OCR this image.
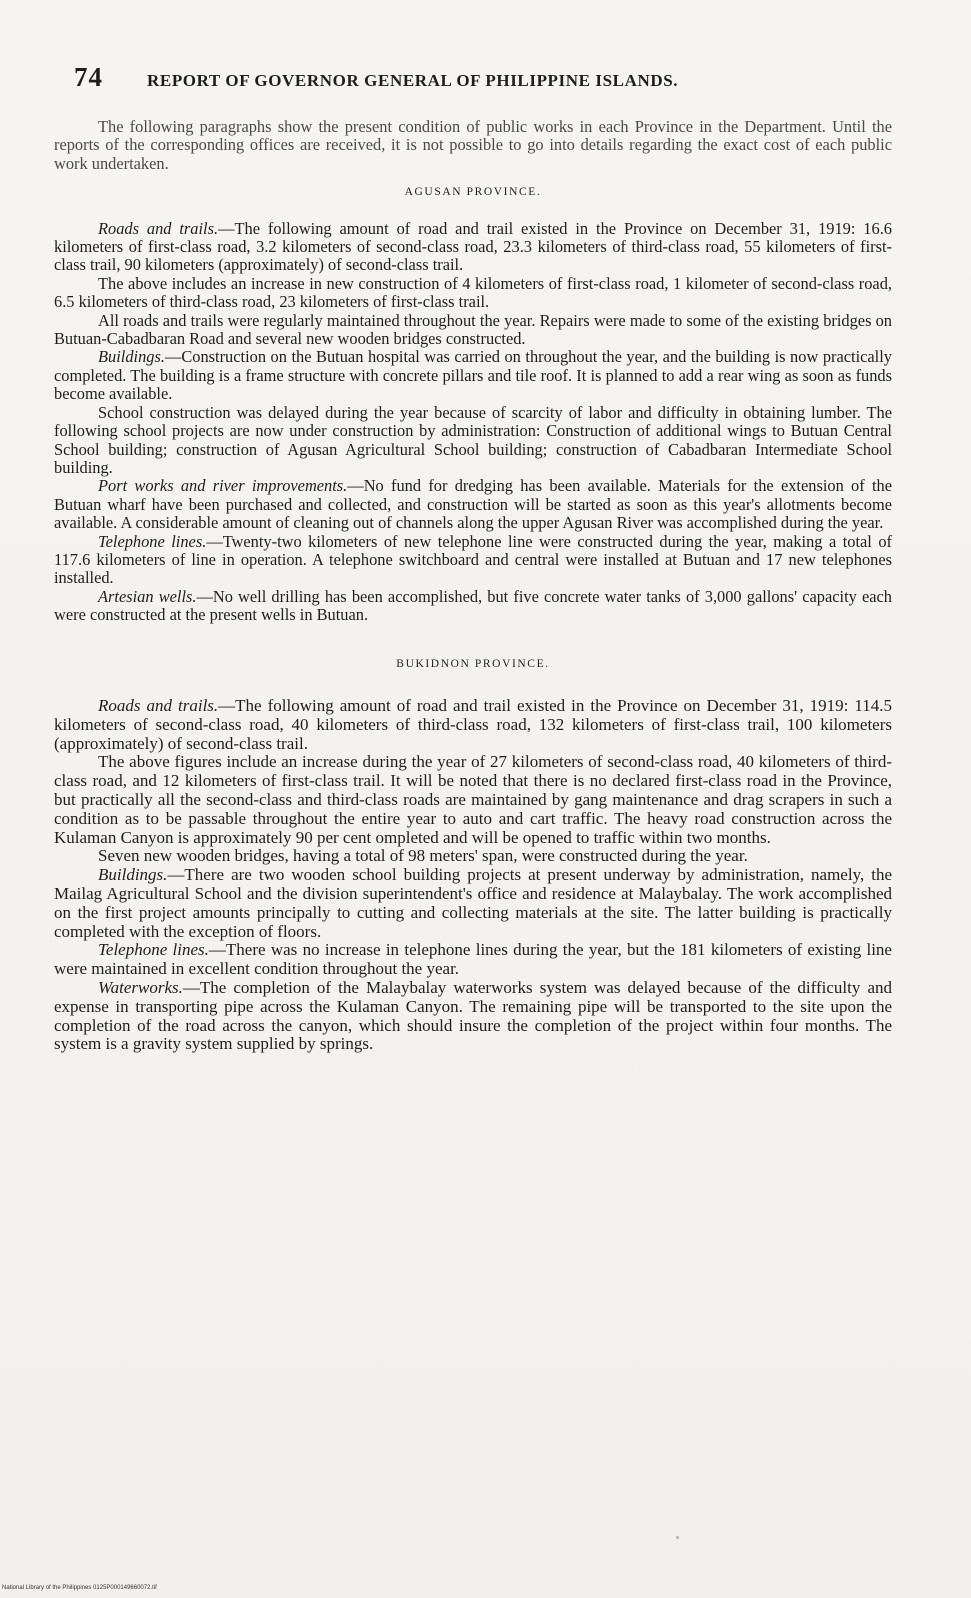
74	REPORT OF GOVERNOR GENERAL OF PHILIPPINE ISLANDS.

The following paragraphs show the present condition of public works in each Province in the Department. Until the reports of the corresponding offices are received, it is not possible to go into details regarding the exact cost of each public work undertaken.

AGUSAN PROVINCE.

Roads and trails.—The following amount of road and trail existed in the Province on December 31, 1919: 16.6 kilometers of first-class road, 3.2 kilometers of second-class road, 23.3 kilometers of third-class road, 55 kilometers of first-class trail, 90 kilometers (approximately) of second-class trail.

The above includes an increase in new construction of 4 kilometers of first-class road, 1 kilometer of second-class road, 6.5 kilometers of third-class road, 23 kilometers of first-class trail.

All roads and trails were regularly maintained throughout the year. Repairs were made to some of the existing bridges on Butuan-Cabadbaran Road and several new wooden bridges constructed.

Buildings.—Construction on the Butuan hospital was carried on throughout the year, and the building is now practically completed. The building is a frame structure with concrete pillars and tile roof. It is planned to add a rear wing as soon as funds become available.

School construction was delayed during the year because of scarcity of labor and difficulty in obtaining lumber. The following school projects are now under construction by administration: Construction of additional wings to Butuan Central School building; construction of Agusan Agricultural School building; construction of Cabadbaran Intermediate School building.

Port works and river improvements.—No fund for dredging has been available. Materials for the extension of the Butuan wharf have been purchased and collected, and construction will be started as soon as this year's allotments become available. A considerable amount of cleaning out of channels along the upper Agusan River was accomplished during the year.

Telephone lines.—Twenty-two kilometers of new telephone line were constructed during the year, making a total of 117.6 kilometers of line in operation. A telephone switchboard and central were installed at Butuan and 17 new telephones installed.

Artesian wells.—No well drilling has been accomplished, but five concrete water tanks of 3,000 gallons' capacity each were constructed at the present wells in Butuan.

BUKIDNON PROVINCE.

Roads and trails.—The following amount of road and trail existed in the Province on December 31, 1919: 114.5 kilometers of second-class road, 40 kilometers of third-class road, 132 kilometers of first-class trail, 100 kilometers (approximately) of second-class trail.

The above figures include an increase during the year of 27 kilometers of second-class road, 40 kilometers of third-class road, and 12 kilometers of first-class trail. It will be noted that there is no declared first-class road in the Province, but practically all the second-class and third-class roads are maintained by gang maintenance and drag scrapers in such a condition as to be passable throughout the entire year to auto and cart traffic. The heavy road construction across the Kulaman Canyon is approximately 90 per cent ompleted and will be opened to traffic within two months.

Seven new wooden bridges, having a total of 98 meters' span, were constructed during the year.

Buildings.—There are two wooden school building projects at present underway by administration, namely, the Mailag Agricultural School and the division superintendent's office and residence at Malaybalay. The work accomplished on the first project amounts principally to cutting and collecting materials at the site. The latter building is practically completed with the exception of floors.

Telephone lines.—There was no increase in telephone lines during the year, but the 181 kilometers of existing line were maintained in excellent condition throughout the year.

Waterworks.—The completion of the Malaybalay waterworks system was delayed because of the difficulty and expense in transporting pipe across the Kulaman Canyon. The remaining pipe will be transported to the site upon the completion of the road across the canyon, which should insure the completion of the project within four months. The system is a gravity system supplied by springs.

National Library of the Philippines 0125P000149660072.tif
